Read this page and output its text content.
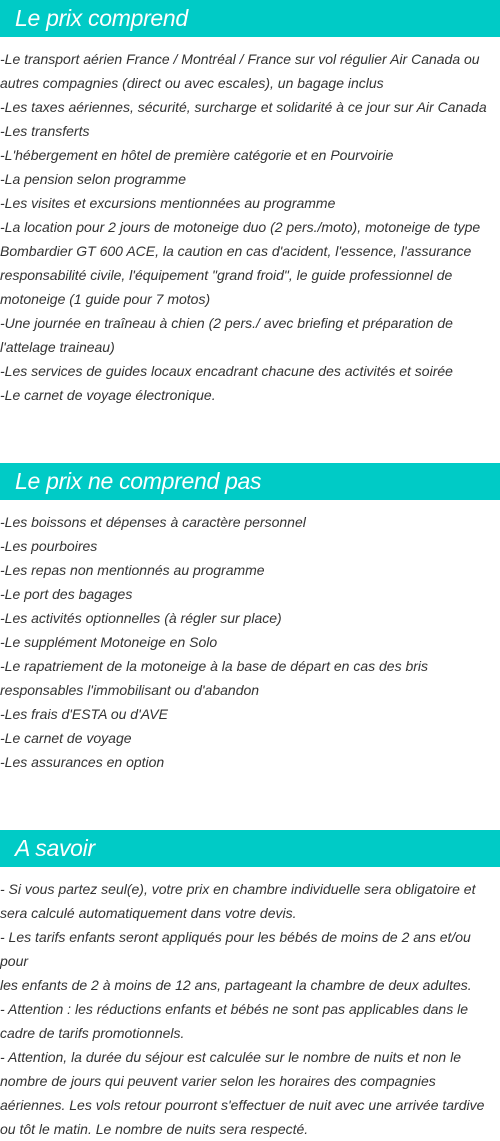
Le prix comprend
-Le transport aérien France / Montréal / France sur vol régulier Air Canada ou
autres compagnies (direct ou avec escales), un bagage inclus
-Les taxes aériennes, sécurité, surcharge et solidarité à ce jour sur Air Canada
-Les transferts
-L'hébergement en hôtel de première catégorie et en Pourvoirie
-La pension selon programme
-Les visites et excursions mentionnées au programme
-La location pour 2 jours de motoneige duo (2 pers./moto), motoneige de type
Bombardier GT 600 ACE, la caution en cas d'acident, l'essence, l'assurance
responsabilité civile, l'équipement "grand froid", le guide professionnel de
motoneige (1 guide pour 7 motos)
-Une journée en traîneau à chien (2 pers./ avec briefing et préparation de
l'attelage traineau)
-Les services de guides locaux encadrant chacune des activités et soirée
-Le carnet de voyage électronique.
Le prix ne comprend pas
-Les boissons et dépenses à caractère personnel
-Les pourboires
-Les repas non mentionnés au programme
-Le port des bagages
-Les activités optionnelles (à régler sur place)
-Le supplément Motoneige en Solo
-Le rapatriement de la motoneige à la base de départ en cas des bris
responsables l'immobilisant ou d'abandon
-Les frais d'ESTA ou d'AVE
-Le carnet de voyage
-Les assurances en option
A savoir
- Si vous partez seul(e), votre prix en chambre individuelle sera obligatoire et
sera calculé automatiquement dans votre devis.
- Les tarifs enfants seront appliqués pour les bébés de moins de 2 ans et/ou pour
les enfants de 2 à moins de 12 ans, partageant la chambre de deux adultes.
- Attention : les réductions enfants et bébés ne sont pas applicables dans le
cadre de tarifs promotionnels.
- Attention, la durée du séjour est calculée sur le nombre de nuits et non le
nombre de jours qui peuvent varier selon les horaires des compagnies
aériennes. Les vols retour pourront s'effectuer de nuit avec une arrivée tardive
ou tôt le matin. Le nombre de nuits sera respecté.
